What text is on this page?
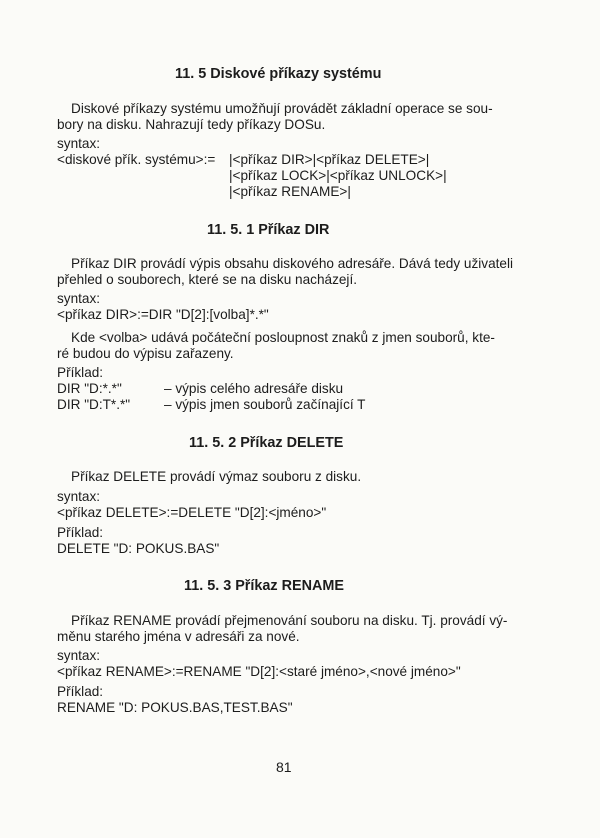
11. 5 Diskové příkazy systému

Diskové příkazy systému umožňují provádět základní operace se sou-

bory na disku. Nahrazují tedy příkazy DOSu.

syntax:
<diskové přík. systému>:= |<příkaz DIR>|<příkaz DELETE>|
|<příkaz LOCK>|<příkaz UNLOCK>|
|<příkaz RENAME>|
11. 5. 1 Příkaz DIR

Příkaz DIR provádí výpis obsahu diskového adresáře. Dává tedy uživateli

přehled o souborech, které se na disku nacházejí.

syntax:
<příkaz DIR>:=DIR "D[2]:[volba]*.*"

Kde <volba> udává počáteční posloupnost znaků z jmen souborů, kte-

ré budou do výpisu zařazeny.

Příklad:
DIR "D:*.*"	– výpis celého adresáře disku
DIR "D:T*.*" – výpis jmen souborů začínající T
11. 5. 2 Příkaz DELETE
Příkaz DELETE provádí výmaz souboru z disku.
syntax:
<příkaz DELETE>:=DELETE "D[2]:<jméno>"
Příklad:
DELETE "D: POKUS.BAS"
11. 5. 3 Příkaz RENAME

Příkaz RENAME provádí přejmenování souboru na disku. Tj. provádí vý-

měnu starého jména v adresáři za nové.

syntax:
<příkaz RENAME>:=RENAME "D[2]:<staré jméno>,<nové jméno>"
Příklad:
RENAME "D: POKUS.BAS,TEST.BAS"
81
